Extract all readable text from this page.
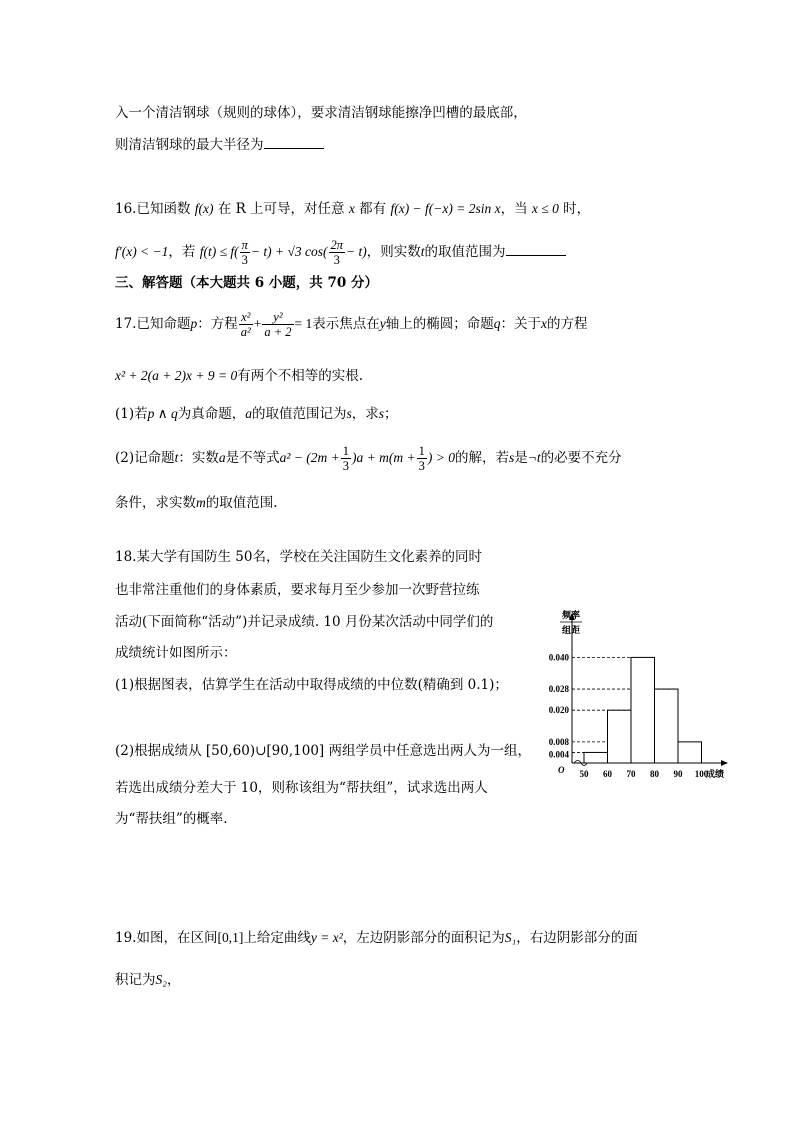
入一个清洁钢球（规则的球体），要求清洁钢球能擦净凹槽的最底部，
则清洁钢球的最大半径为
16.已知函数 f(x) 在 R 上可导，对任意 x 都有 f(x) − f(−x) = 2sin x，当 x ≤ 0 时，
f′(x) < −1，若 $f(t) \le f( \frac{\pi}{3} - t) + √3$ $\cos( \frac{2\pi}{3} - t)$，则实数t的取值范围为
三、解答题（本大题共 6 小题，共 70 分）
17.已知命题p：方程 $\frac{\text{x²}}{\text{a²}} + \frac{\text{y²}}{a + 2} = 1$表示焦点在y轴上的椭圆；命题q：关于x的方程
x² + 2(a + 2)x + 9 = 0有两个不相等的实根.
(1)若p ∧ q为真命题，a的取值范围记为s，求s；
(2)记命题t：实数a是不等式$a^2 - (2m + \frac{1}{3} )a + m(m + \frac{1}{3}$ ) > 0的解，若s是¬t的必要不充分
条件，求实数m的取值范围.
18.某大学有国防生 50名，学校在关注国防生文化素养的同时
也非常注重他们的身体素质，要求每月至少参加一次野营拉练
活动(下面简称“活动”)并记录成绩. 10 月份某次活动中同学们的
成绩统计如图所示：
(1)根据图表，估算学生在活动中取得成绩的中位数(精确到 0.1)；
(2)根据成绩从 [50,60)∪[90,100] 两组学员中任意选出两人为一组，
若选出成绩分差大于 10，则称该组为“帮扶组”，试求选出两人
为“帮扶组”的概率.
0.004
0.008
0.020
0.028
0.040
50 60 70 80 90 100
O
频率
组距
成绩
19.如图，在区间[0,1]上给定曲线y = x²，左边阴影部分的面积记为S₁，右边阴影部分的面
积记为S₂，
